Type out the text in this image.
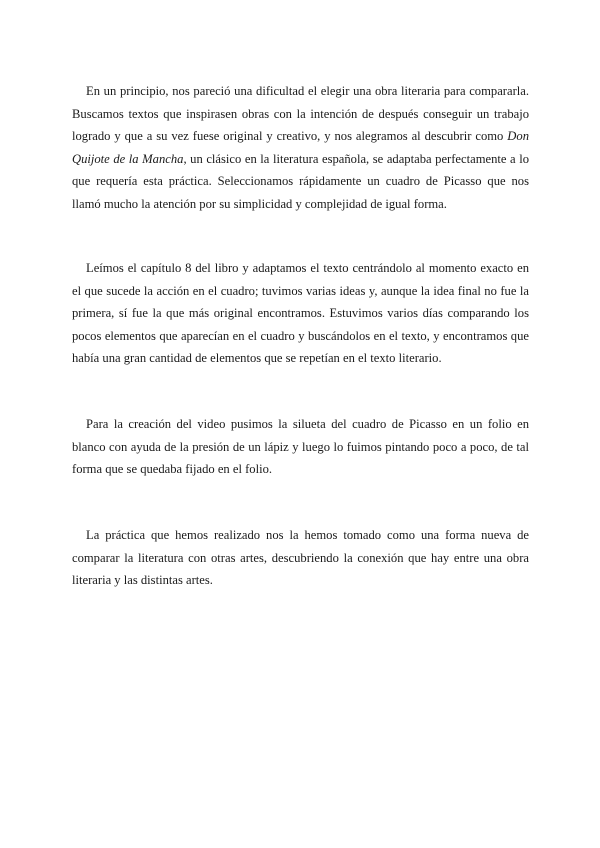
En un principio, nos pareció una dificultad el elegir una obra literaria para compararla. Buscamos textos que inspirasen obras con la intención de después conseguir un trabajo logrado y que a su vez fuese original y creativo, y nos alegramos al descubrir como Don Quijote de la Mancha, un clásico en la literatura española, se adaptaba perfectamente a lo que requería esta práctica. Seleccionamos rápidamente un cuadro de Picasso que nos llamó mucho la atención por su simplicidad y complejidad de igual forma.

Leímos el capítulo 8 del libro y adaptamos el texto centrándolo al momento exacto en el que sucede la acción en el cuadro; tuvimos varias ideas y, aunque la idea final no fue la primera, sí fue la que más original encontramos. Estuvimos varios días comparando los pocos elementos que aparecían en el cuadro y buscándolos en el texto, y encontramos que había una gran cantidad de elementos que se repetían en el texto literario.

Para la creación del video pusimos la silueta del cuadro de Picasso en un folio en blanco con ayuda de la presión de un lápiz y luego lo fuimos pintando poco a poco, de tal forma que se quedaba fijado en el folio.

La práctica que hemos realizado nos la hemos tomado como una forma nueva de comparar la literatura con otras artes, descubriendo la conexión que hay entre una obra literaria y las distintas artes.
